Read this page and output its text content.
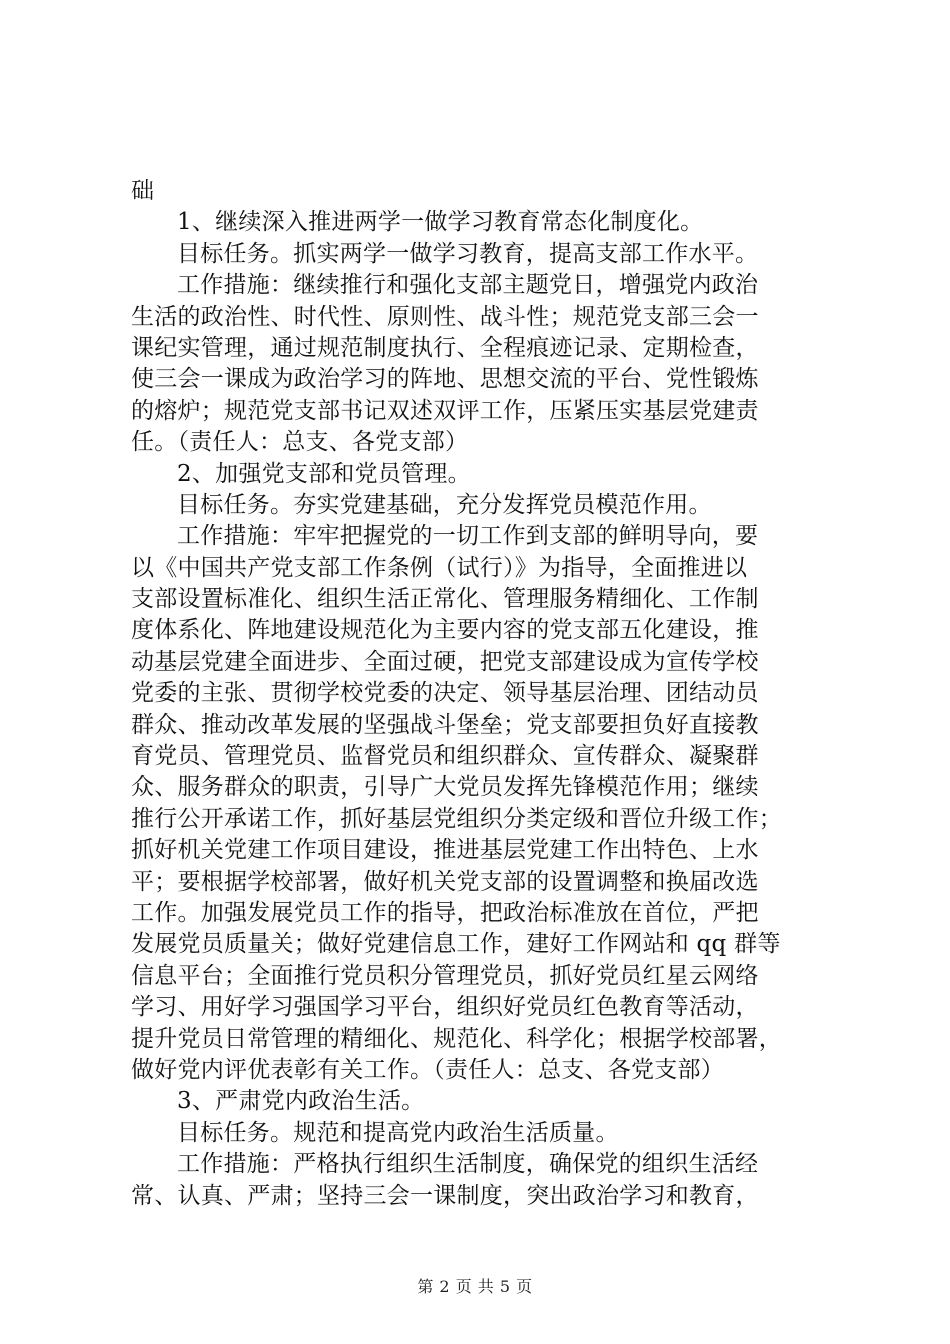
础
1、继续深入推进两学一做学习教育常态化制度化。
目标任务。抓实两学一做学习教育，提高支部工作水平。
工作措施：继续推行和强化支部主题党日，增强党内政治
生活的政治性、时代性、原则性、战斗性；规范党支部三会一
课纪实管理，通过规范制度执行、全程痕迹记录、定期检查，
使三会一课成为政治学习的阵地、思想交流的平台、党性锻炼
的熔炉；规范党支部书记双述双评工作，压紧压实基层党建责
任。（责任人：总支、各党支部）
2、加强党支部和党员管理。
目标任务。夯实党建基础，充分发挥党员模范作用。
工作措施：牢牢把握党的一切工作到支部的鲜明导向，要
以《中国共产党支部工作条例（试行）》为指导，全面推进以
支部设置标准化、组织生活正常化、管理服务精细化、工作制
度体系化、阵地建设规范化为主要内容的党支部五化建设，推
动基层党建全面进步、全面过硬，把党支部建设成为宣传学校
党委的主张、贯彻学校党委的决定、领导基层治理、团结动员
群众、推动改革发展的坚强战斗堡垒；党支部要担负好直接教
育党员、管理党员、监督党员和组织群众、宣传群众、凝聚群
众、服务群众的职责，引导广大党员发挥先锋模范作用；继续
推行公开承诺工作，抓好基层党组织分类定级和晋位升级工作；
抓好机关党建工作项目建设，推进基层党建工作出特色、上水
平；要根据学校部署，做好机关党支部的设置调整和换届改选
工作。加强发展党员工作的指导，把政治标准放在首位，严把
发展党员质量关；做好党建信息工作，建好工作网站和 qq 群等
信息平台；全面推行党员积分管理党员，抓好党员红星云网络
学习、用好学习强国学习平台，组织好党员红色教育等活动，
提升党员日常管理的精细化、规范化、科学化；根据学校部署，
做好党内评优表彰有关工作。（责任人：总支、各党支部）
3、严肃党内政治生活。
目标任务。规范和提高党内政治生活质量。
工作措施：严格执行组织生活制度，确保党的组织生活经
常、认真、严肃；坚持三会一课制度，突出政治学习和教育，
第 2 页 共 5 页
